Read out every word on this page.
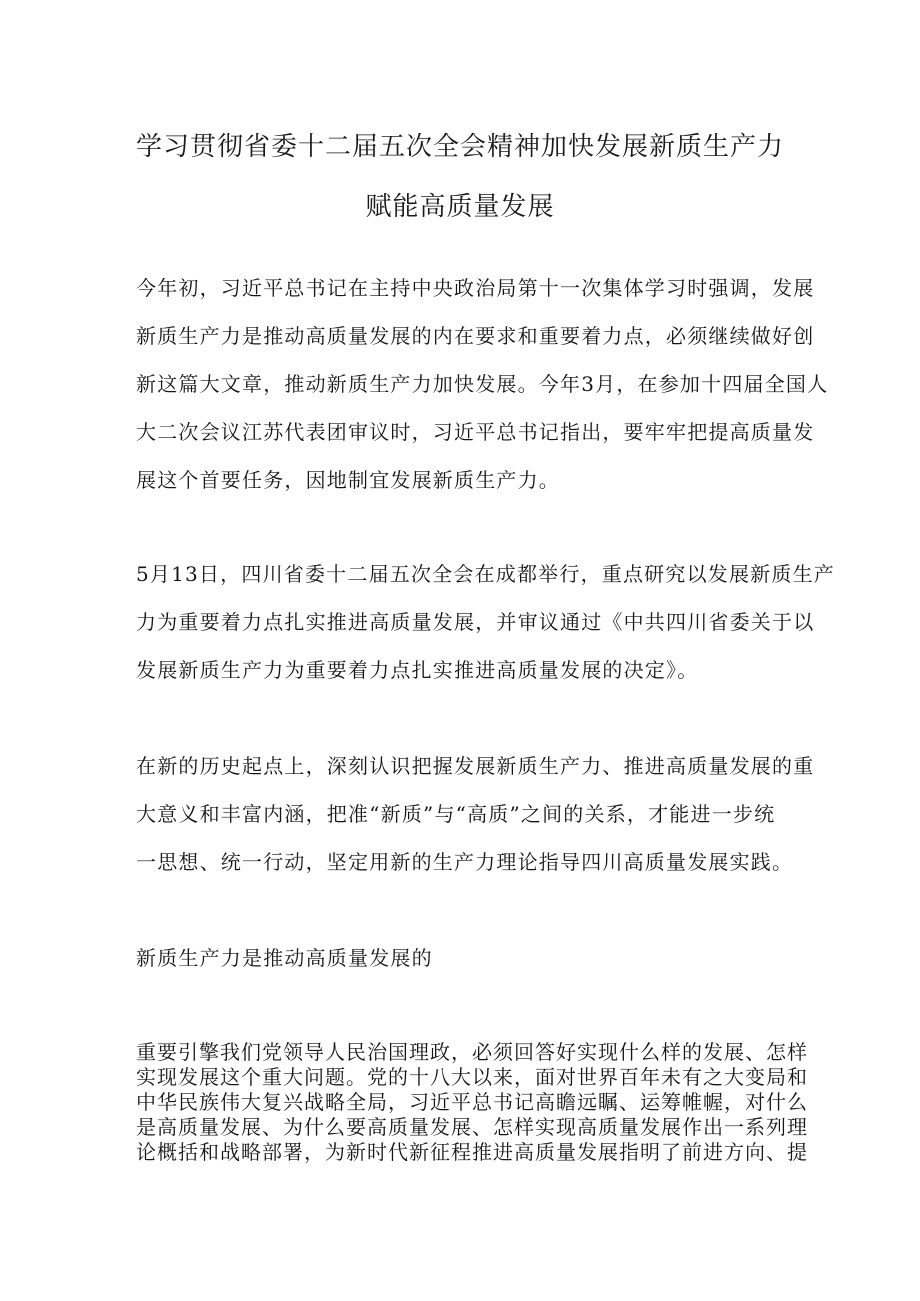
学习贯彻省委十二届五次全会精神加快发展新质生产力
赋能高质量发展
今年初，习近平总书记在主持中央政治局第十一次集体学习时强调，发展
新质生产力是推动高质量发展的内在要求和重要着力点，必须继续做好创
新这篇大文章，推动新质生产力加快发展。今年3月，在参加十四届全国人
大二次会议江苏代表团审议时，习近平总书记指出，要牢牢把提高质量发
展这个首要任务，因地制宜发展新质生产力。
5月13日，四川省委十二届五次全会在成都举行，重点研究以发展新质生产
力为重要着力点扎实推进高质量发展，并审议通过《中共四川省委关于以
发展新质生产力为重要着力点扎实推进高质量发展的决定》。
在新的历史起点上，深刻认识把握发展新质生产力、推进高质量发展的重
大意义和丰富内涵，把准“新质”与“高质”之间的关系，才能进一步统
一思想、统一行动，坚定用新的生产力理论指导四川高质量发展实践。
新质生产力是推动高质量发展的
重要引擎我们党领导人民治国理政，必须回答好实现什么样的发展、怎样
实现发展这个重大问题。党的十八大以来，面对世界百年未有之大变局和
中华民族伟大复兴战略全局，习近平总书记高瞻远瞩、运筹帷幄，对什么
是高质量发展、为什么要高质量发展、怎样实现高质量发展作出一系列理
论概括和战略部署，为新时代新征程推进高质量发展指明了前进方向、提
